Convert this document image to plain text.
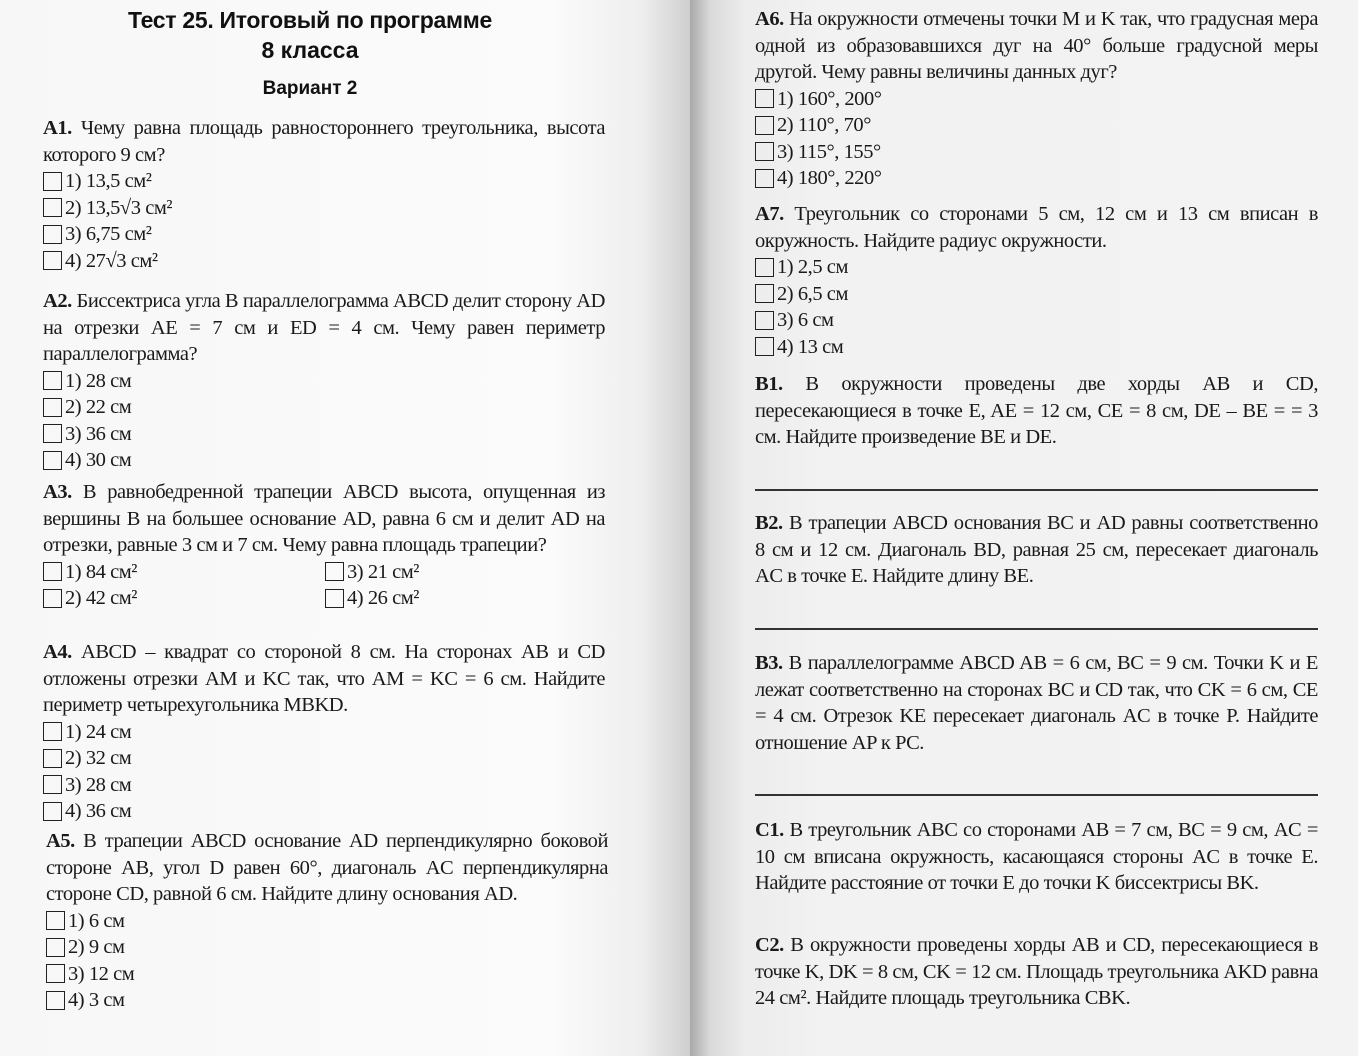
Тест 25. Итоговый по программе
8 класса
Вариант 2
А1. Чему равна площадь равностороннего треугольника, высота которого 9 см?
1) 13,5 см²
2) 13,5√3 см²
3) 6,75 см²
4) 27√3 см²
А2. Биссектриса угла B параллелограмма ABCD делит сторону AD на отрезки AE = 7 см и ED = 4 см. Чему равен периметр параллелограмма?
1) 28 см
2) 22 см
3) 36 см
4) 30 см
А3. В равнобедренной трапеции ABCD высота, опущенная из вершины B на большее основание AD, равна 6 см и делит AD на отрезки, равные 3 см и 7 см. Чему равна площадь трапеции?
1) 84 см²	3) 21 см²
2) 42 см²	4) 26 см²
А4. ABCD – квадрат со стороной 8 см. На сторонах AB и CD отложены отрезки AM и KC так, что AM = KC = 6 см. Найдите периметр четырехугольника MBKD.
1) 24 см
2) 32 см
3) 28 см
4) 36 см
А5. В трапеции ABCD основание AD перпендикулярно боковой стороне AB, угол D равен 60°, диагональ AC перпендикулярна стороне CD, равной 6 см. Найдите длину основания AD.
1) 6 см
2) 9 см
3) 12 см
4) 3 см
А6. На окружности отмечены точки M и K так, что градусная мера одной из образовавшихся дуг на 40° больше градусной меры другой. Чему равны величины данных дуг?
1) 160°, 200°
2) 110°, 70°
3) 115°, 155°
4) 180°, 220°
А7. Треугольник со сторонами 5 см, 12 см и 13 см вписан в окружность. Найдите радиус окружности.
1) 2,5 см
2) 6,5 см
3) 6 см
4) 13 см
В1. В окружности проведены две хорды AB и CD, пересекающиеся в точке E, AE = 12 см, CE = 8 см, DE – BE = = 3 см. Найдите произведение BE и DE.
В2. В трапеции ABCD основания BC и AD равны соответственно 8 см и 12 см. Диагональ BD, равная 25 см, пересекает диагональ AC в точке E. Найдите длину BE.
В3. В параллелограмме ABCD AB = 6 см, BC = 9 см. Точки K и E лежат соответственно на сторонах BC и CD так, что CK = 6 см, CE = 4 см. Отрезок KE пересекает диагональ AC в точке P. Найдите отношение AP к PC.
С1. В треугольник ABC со сторонами AB = 7 см, BC = 9 см, AC = 10 см вписана окружность, касающаяся стороны AC в точке E. Найдите расстояние от точки E до точки K биссектрисы BK.
С2. В окружности проведены хорды AB и CD, пересекающиеся в точке K, DK = 8 см, CK = 12 см. Площадь треугольника AKD равна 24 см². Найдите площадь треугольника CBK.
